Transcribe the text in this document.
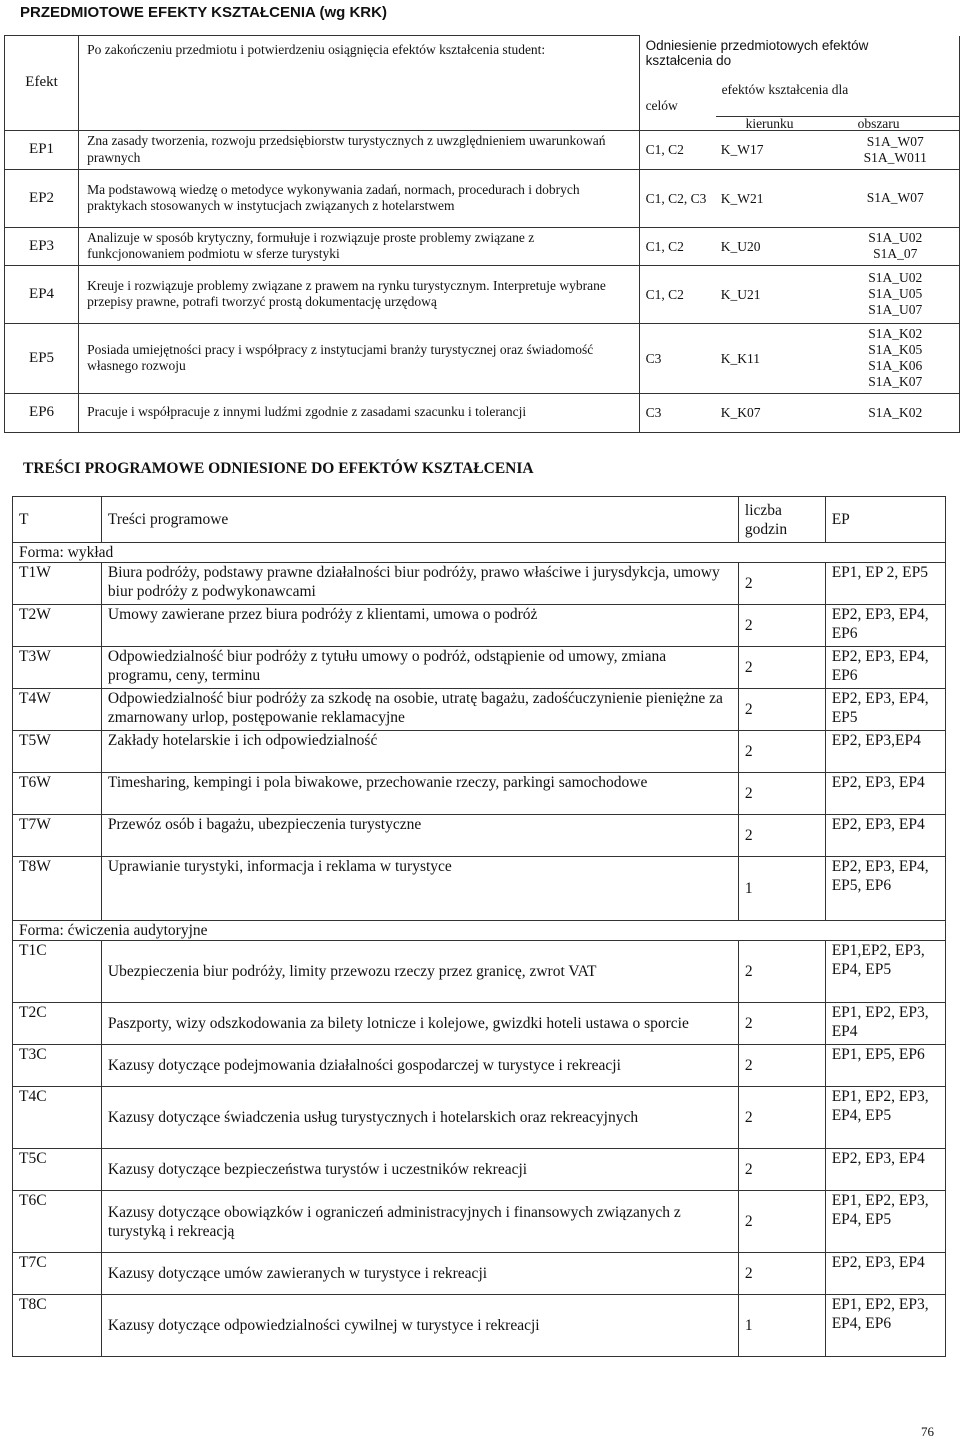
PRZEDMIOTOWE EFEKTY KSZTAŁCENIA (wg KRK)
Efekt	Po zakończeniu przedmiotu i potwierdzeniu osiągnięcia efektów kształcenia student:	Odniesienie przedmiotowych efektów kształcenia do
efektów kształcenia dla
celów
kierunku obszaru		

EP1	Zna zasady tworzenia, rozwoju przedsiębiorstw turystycznych z uwzględnieniem uwarunkowań prawnych	C1, C2	K_W17	S1A_W07
S1A_W011

EP2	Ma podstawową wiedzę o metodyce wykonywania zadań, normach, procedurach i dobrych praktykach stosowanych w instytucjach związanych z hotelarstwem	C1, C2, C3	K_W21	S1A_W07

EP3	Analizuje w sposób krytyczny, formułuje i rozwiązuje proste problemy związane z funkcjonowaniem podmiotu w sferze turystyki	C1, C2	K_U20	S1A_U02
S1A_07

EP4	Kreuje i rozwiązuje problemy związane z prawem na rynku turystycznym. Interpretuje wybrane przepisy prawne, potrafi tworzyć prostą dokumentację urzędową	C1, C2	K_U21	S1A_U02
S1A_U05
S1A_U07

EP5	Posiada umiejętności pracy i współpracy z instytucjami branży turystycznej oraz świadomość własnego rozwoju	C3	K_K11	S1A_K02
S1A_K05
S1A_K06
S1A_K07

EP6	Pracuje i współpracuje z innymi ludźmi zgodnie z zasadami szacunku i tolerancji	C3	K_K07	S1A_K02
TREŚCI PROGRAMOWE ODNIESIONE DO EFEKTÓW KSZTAŁCENIA
T	Treści programowe	liczba godzin	EP
Forma: wykład			
T1W	Biura podróży, podstawy prawne działalności biur podróży, prawo właściwe i jurysdykcja, umowy biur podróży z podwykonawcami	2	EP1, EP 2, EP5
T2W	Umowy zawierane przez biura podróży z klientami, umowa o podróż	2	EP2, EP3, EP4, EP6
T3W	Odpowiedzialność biur podróży z tytułu umowy o podróż, odstąpienie od umowy, zmiana programu, ceny, terminu	2	EP2, EP3, EP4, EP6
T4W	Odpowiedzialność biur podróży za szkodę na osobie, utratę bagażu, zadośćuczynienie pieniężne za zmarnowany urlop, postępowanie reklamacyjne	2	EP2, EP3, EP4, EP5
T5W	Zakłady hotelarskie i ich odpowiedzialność	2	EP2, EP3,EP4
T6W	Timesharing, kempingi i pola biwakowe, przechowanie rzeczy, parkingi samochodowe	2	EP2, EP3, EP4
T7W	Przewóz osób i bagażu, ubezpieczenia turystyczne	2	EP2, EP3, EP4
T8W	Uprawianie turystyki, informacja i reklama w turystyce	1	EP2, EP3, EP4, EP5, EP6
Forma: ćwiczenia audytoryjne			
T1C	Ubezpieczenia biur podróży, limity przewozu rzeczy przez granicę, zwrot VAT	2	EP1,EP2, EP3, EP4, EP5
T2C	Paszporty, wizy odszkodowania za bilety lotnicze i kolejowe, gwizdki hoteli ustawa o sporcie	2	EP1, EP2, EP3, EP4
T3C	Kazusy dotyczące podejmowania działalności gospodarczej w turystyce i rekreacji	2	EP1, EP5, EP6
T4C	Kazusy dotyczące świadczenia usług turystycznych i hotelarskich oraz rekreacyjnych	2	EP1, EP2, EP3, EP4, EP5
T5C	Kazusy dotyczące bezpieczeństwa turystów i uczestników rekreacji	2	EP2, EP3, EP4
T6C	Kazusy dotyczące obowiązków i ograniczeń administracyjnych i finansowych związanych z turystyką i rekreacją	2	EP1, EP2, EP3, EP4, EP5
T7C	Kazusy dotyczące umów zawieranych w turystyce i rekreacji	2	EP2, EP3, EP4
T8C	Kazusy dotyczące odpowiedzialności cywilnej w turystyce i rekreacji	1	EP1, EP2, EP3, EP4, EP6
76
